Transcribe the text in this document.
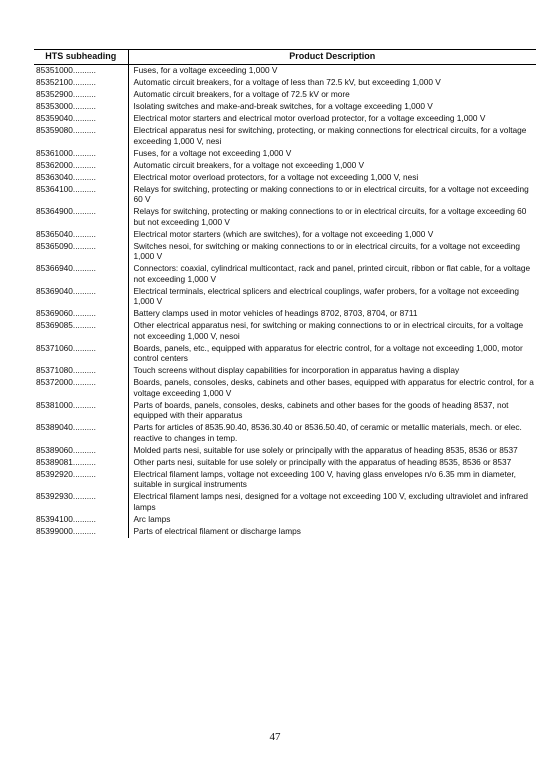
HTS subheading	Product Description
85351000..........	Fuses, for a voltage exceeding 1,000 V
85352100..........	Automatic circuit breakers, for a voltage of less than 72.5 kV, but exceeding 1,000 V
85352900..........	Automatic circuit breakers, for a voltage of 72.5 kV or more
85353000..........	Isolating switches and make-and-break switches, for a voltage exceeding 1,000 V
85359040..........	Electrical motor starters and electrical motor overload protector, for a voltage exceeding 1,000 V
85359080..........	Electrical apparatus nesi for switching, protecting, or making connections for electrical circuits, for a voltage exceeding 1,000 V, nesi
85361000..........	Fuses, for a voltage not exceeding 1,000 V
85362000..........	Automatic circuit breakers, for a voltage not exceeding 1,000 V
85363040..........	Electrical motor overload protectors, for a voltage not exceeding 1,000 V, nesi
85364100..........	Relays for switching, protecting or making connections to or in electrical circuits, for a voltage not exceeding 60 V
85364900..........	Relays for switching, protecting or making connections to or in electrical circuits, for a voltage exceeding 60 but not exceeding 1,000 V
85365040..........	Electrical motor starters (which are switches), for a voltage not exceeding 1,000 V
85365090..........	Switches nesoi, for switching or making connections to or in electrical circuits, for a voltage not exceeding 1,000 V
85366940..........	Connectors: coaxial, cylindrical multicontact, rack and panel, printed circuit, ribbon or flat cable, for a voltage not exceeding 1,000 V
85369040..........	Electrical terminals, electrical splicers and electrical couplings, wafer probers, for a voltage not exceeding 1,000 V
85369060..........	Battery clamps used in motor vehicles of headings 8702, 8703, 8704, or 8711
85369085..........	Other electrical apparatus nesi, for switching or making connections to or in electrical circuits, for a voltage not exceeding 1,000 V, nesoi
85371060..........	Boards, panels, etc., equipped with apparatus for electric control, for a voltage not exceeding 1,000, motor control centers
85371080..........	Touch screens without display capabilities for incorporation in apparatus having a display
85372000..........	Boards, panels, consoles, desks, cabinets and other bases, equipped with apparatus for electric control, for a voltage exceeding 1,000 V
85381000..........	Parts of boards, panels, consoles, desks, cabinets and other bases for the goods of heading 8537, not equipped with their apparatus
85389040..........	Parts for articles of 8535.90.40, 8536.30.40 or 8536.50.40, of ceramic or metallic materials, mech. or elec. reactive to changes in temp.
85389060..........	Molded parts nesi, suitable for use solely or principally with the apparatus of heading 8535, 8536 or 8537
85389081..........	Other parts nesi, suitable for use solely or principally with the apparatus of heading 8535, 8536 or 8537
85392920..........	Electrical filament lamps, voltage not exceeding 100 V, having glass envelopes n/o 6.35 mm in diameter, suitable in surgical instruments
85392930..........	Electrical filament lamps nesi, designed for a voltage not exceeding 100 V, excluding ultraviolet and infrared lamps
85394100..........	Arc lamps
85399000..........	Parts of electrical filament or discharge lamps
47
